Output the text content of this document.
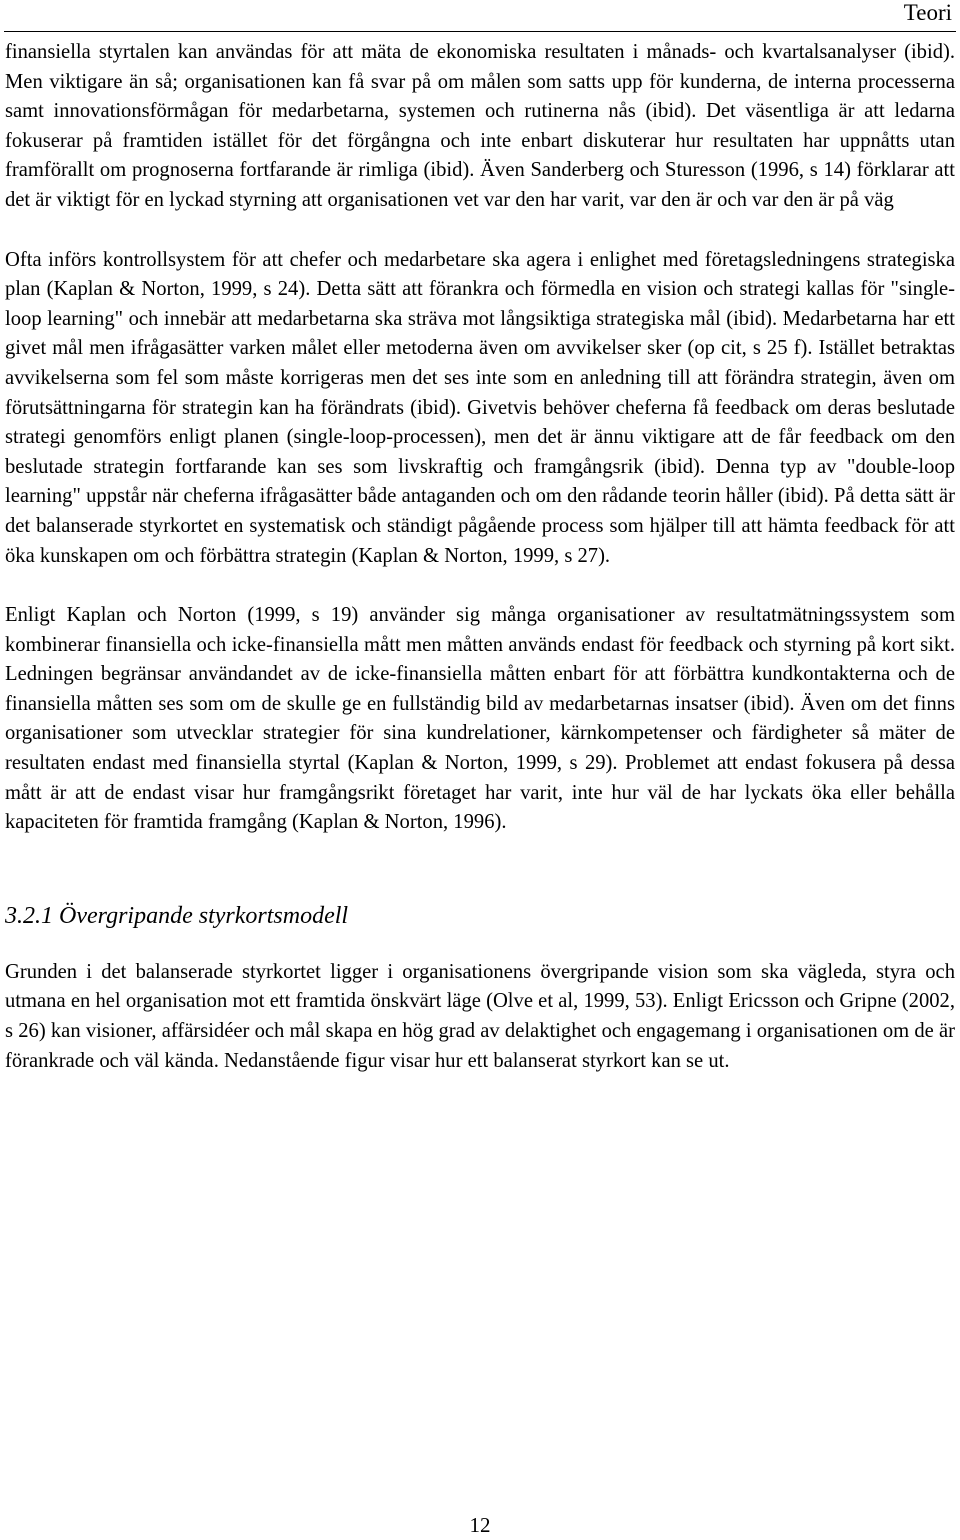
Teori

finansiella styrtalen kan användas för att mäta de ekonomiska resultaten i månads- och kvartalsanalyser (ibid). Men viktigare än så; organisationen kan få svar på om målen som satts upp för kunderna, de interna processerna samt innovationsförmågan för medarbetarna, systemen och rutinerna nås (ibid). Det väsentliga är att ledarna fokuserar på framtiden istället för det förgångna och inte enbart diskuterar hur resultaten har uppnåtts utan framförallt om prognoserna fortfarande är rimliga (ibid). Även Sanderberg och Sturesson (1996, s 14) förklarar att det är viktigt för en lyckad styrning att organisationen vet var den har varit, var den är och var den är på väg

Ofta införs kontrollsystem för att chefer och medarbetare ska agera i enlighet med företagsledningens strategiska plan (Kaplan & Norton, 1999, s 24). Detta sätt att förankra och förmedla en vision och strategi kallas för "single-loop learning" och innebär att medarbetarna ska sträva mot långsiktiga strategiska mål (ibid). Medarbetarna har ett givet mål men ifrågasätter varken målet eller metoderna även om avvikelser sker (op cit, s 25 f). Istället betraktas avvikelserna som fel som måste korrigeras men det ses inte som en anledning till att förändra strategin, även om förutsättningarna för strategin kan ha förändrats (ibid). Givetvis behöver cheferna få feedback om deras beslutade strategi genomförs enligt planen (single-loop-processen), men det är ännu viktigare att de får feedback om den beslutade strategin fortfarande kan ses som livskraftig och framgångsrik (ibid). Denna typ av "double-loop learning" uppstår när cheferna ifrågasätter både antaganden och om den rådande teorin håller (ibid). På detta sätt är det balanserade styrkortet en systematisk och ständigt pågående process som hjälper till att hämta feedback för att öka kunskapen om och förbättra strategin (Kaplan & Norton, 1999, s 27).

Enligt Kaplan och Norton (1999, s 19) använder sig många organisationer av resultatmätningssystem som kombinerar finansiella och icke-finansiella mått men måtten används endast för feedback och styrning på kort sikt. Ledningen begränsar användandet av de icke-finansiella måtten enbart för att förbättra kundkontakterna och de finansiella måtten ses som om de skulle ge en fullständig bild av medarbetarnas insatser (ibid). Även om det finns organisationer som utvecklar strategier för sina kundrelationer, kärnkompetenser och färdigheter så mäter de resultaten endast med finansiella styrtal (Kaplan & Norton, 1999, s 29). Problemet att endast fokusera på dessa mått är att de endast visar hur framgångsrikt företaget har varit, inte hur väl de har lyckats öka eller behålla kapaciteten för framtida framgång (Kaplan & Norton, 1996).

3.2.1 Övergripande styrkortsmodell

Grunden i det balanserade styrkortet ligger i organisationens övergripande vision som ska vägleda, styra och utmana en hel organisation mot ett framtida önskvärt läge (Olve et al, 1999, 53). Enligt Ericsson och Gripne (2002, s 26) kan visioner, affärsidéer och mål skapa en hög grad av delaktighet och engagemang i organisationen om de är förankrade och väl kända. Nedanstående figur visar hur ett balanserat styrkort kan se ut.

12
